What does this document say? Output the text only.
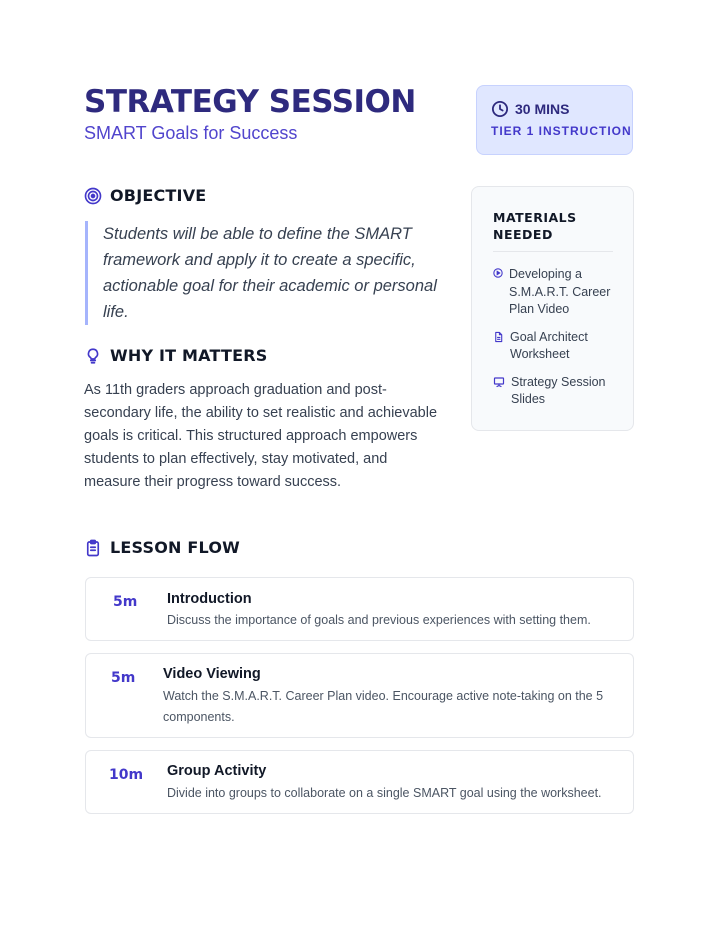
STRATEGY SESSION
SMART Goals for Success
30 MINS
TIER 1 INSTRUCTION
OBJECTIVE

Students will be able to define the SMART framework and apply it to create a specific, actionable goal for their academic or personal life.

WHY IT MATTERS

As 11th graders approach graduation and post-secondary life, the ability to set realistic and achievable goals is critical. This structured approach empowers students to plan effectively, stay motivated, and measure their progress toward success.

MATERIALS NEEDED

Developing a S.M.A.R.T. Career Plan Video
Goal Architect Worksheet
Strategy Session Slides
LESSON FLOW
5m Introduction
Discuss the importance of goals and previous experiences with setting them.
5m Video Viewing
Watch the S.M.A.R.T. Career Plan video. Encourage active note-taking on the 5 components.
10m Group Activity
Divide into groups to collaborate on a single SMART goal using the worksheet.
